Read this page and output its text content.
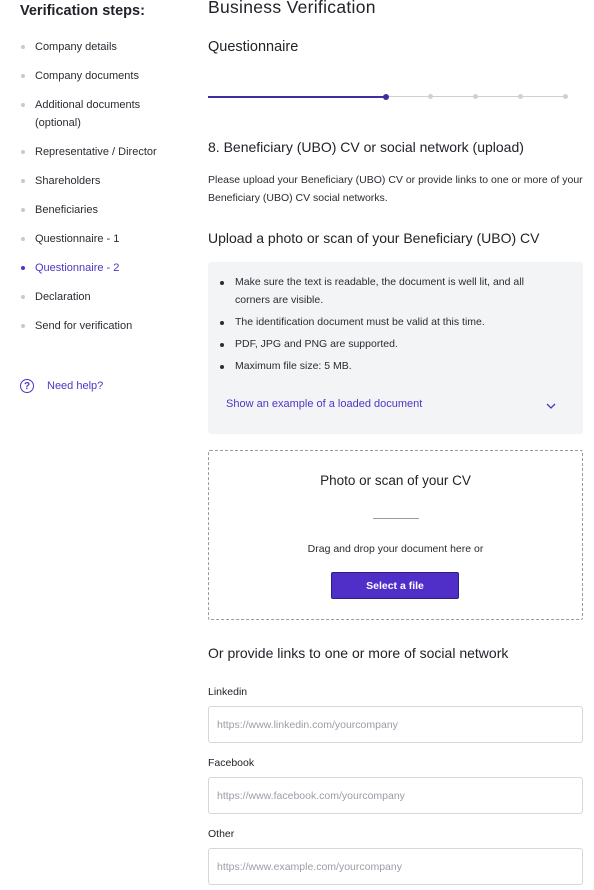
Verification steps:
Company details
Company documents
Additional documents (optional)
Representative / Director
Shareholders
Beneficiaries
Questionnaire - 1
Questionnaire - 2
Declaration
Send for verification
?	Need help?
Business Verification
Questionnaire
8. Beneficiary (UBO) CV or social network (upload)
Please upload your Beneficiary (UBO) CV or provide links to one or more of your Beneficiary (UBO) CV social networks.
Upload a photo or scan of your Beneficiary (UBO) CV
Make sure the text is readable, the document is well lit, and all corners are visible.
The identification document must be valid at this time.
PDF, JPG and PNG are supported.
Maximum file size: 5 MB.
Show an example of a loaded document
Photo or scan of your CV
Drag and drop your document here or
Select a file
Or provide links to one or more of social network
Linkedin
https://www.linkedin.com/yourcompany
Facebook
https://www.facebook.com/yourcompany
Other
https://www.example.com/yourcompany
